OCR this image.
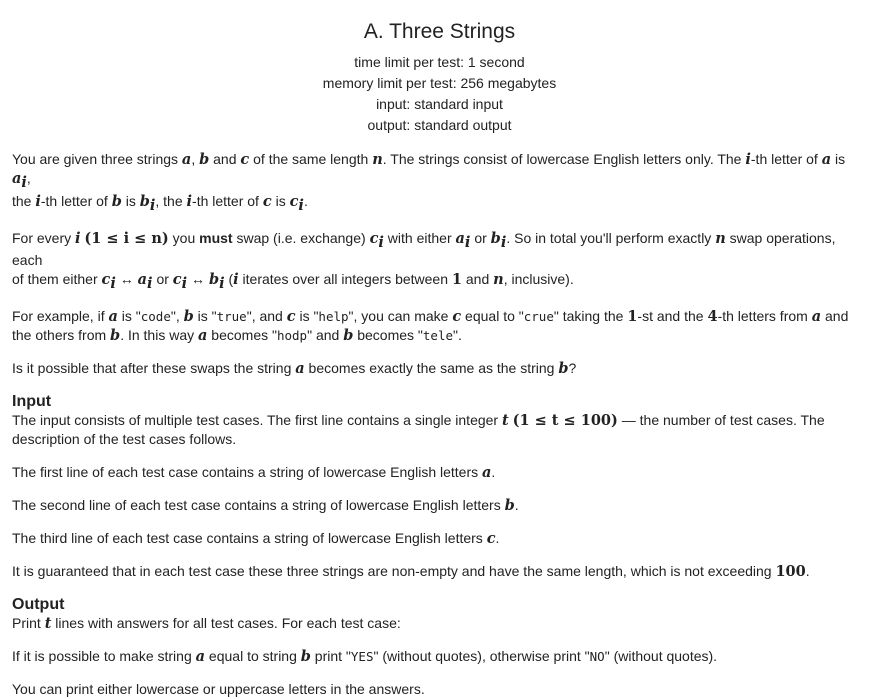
A. Three Strings
time limit per test: 1 second
memory limit per test: 256 megabytes
input: standard input
output: standard output

You are given three strings a, b and c of the same length n. The strings consist of lowercase English letters only. The i-th letter of a is $a_i$,
the i-th letter of b is $b_i$, the i-th letter of c is $c_i$.

For every i (1 ≤ i ≤ n) you must swap (i.e. exchange) $c_i$ with either $a_i$ or $b_i$. So in total you'll perform exactly n swap operations, each
of them either $c_i$ ↔ $a_i$ or $c_i$ ↔ $b_i$ (i iterates over all integers between 1 and n, inclusive).

For example, if a is "code", b is "true", and c is "help", you can make c equal to "crue" taking the 1-st and the 4-th letters from a and
the others from b. In this way a becomes "hodp" and b becomes "tele".

Is it possible that after these swaps the string a becomes exactly the same as the string b?

Input

The input consists of multiple test cases. The first line contains a single integer t (1 ≤ t ≤ 100) — the number of test cases. The
description of the test cases follows.

The first line of each test case contains a string of lowercase English letters a.

The second line of each test case contains a string of lowercase English letters b.

The third line of each test case contains a string of lowercase English letters c.

It is guaranteed that in each test case these three strings are non-empty and have the same length, which is not exceeding 100.

Output

Print t lines with answers for all test cases. For each test case:

If it is possible to make string a equal to string b print "YES" (without quotes), otherwise print "NO" (without quotes).

You can print either lowercase or uppercase letters in the answers.
